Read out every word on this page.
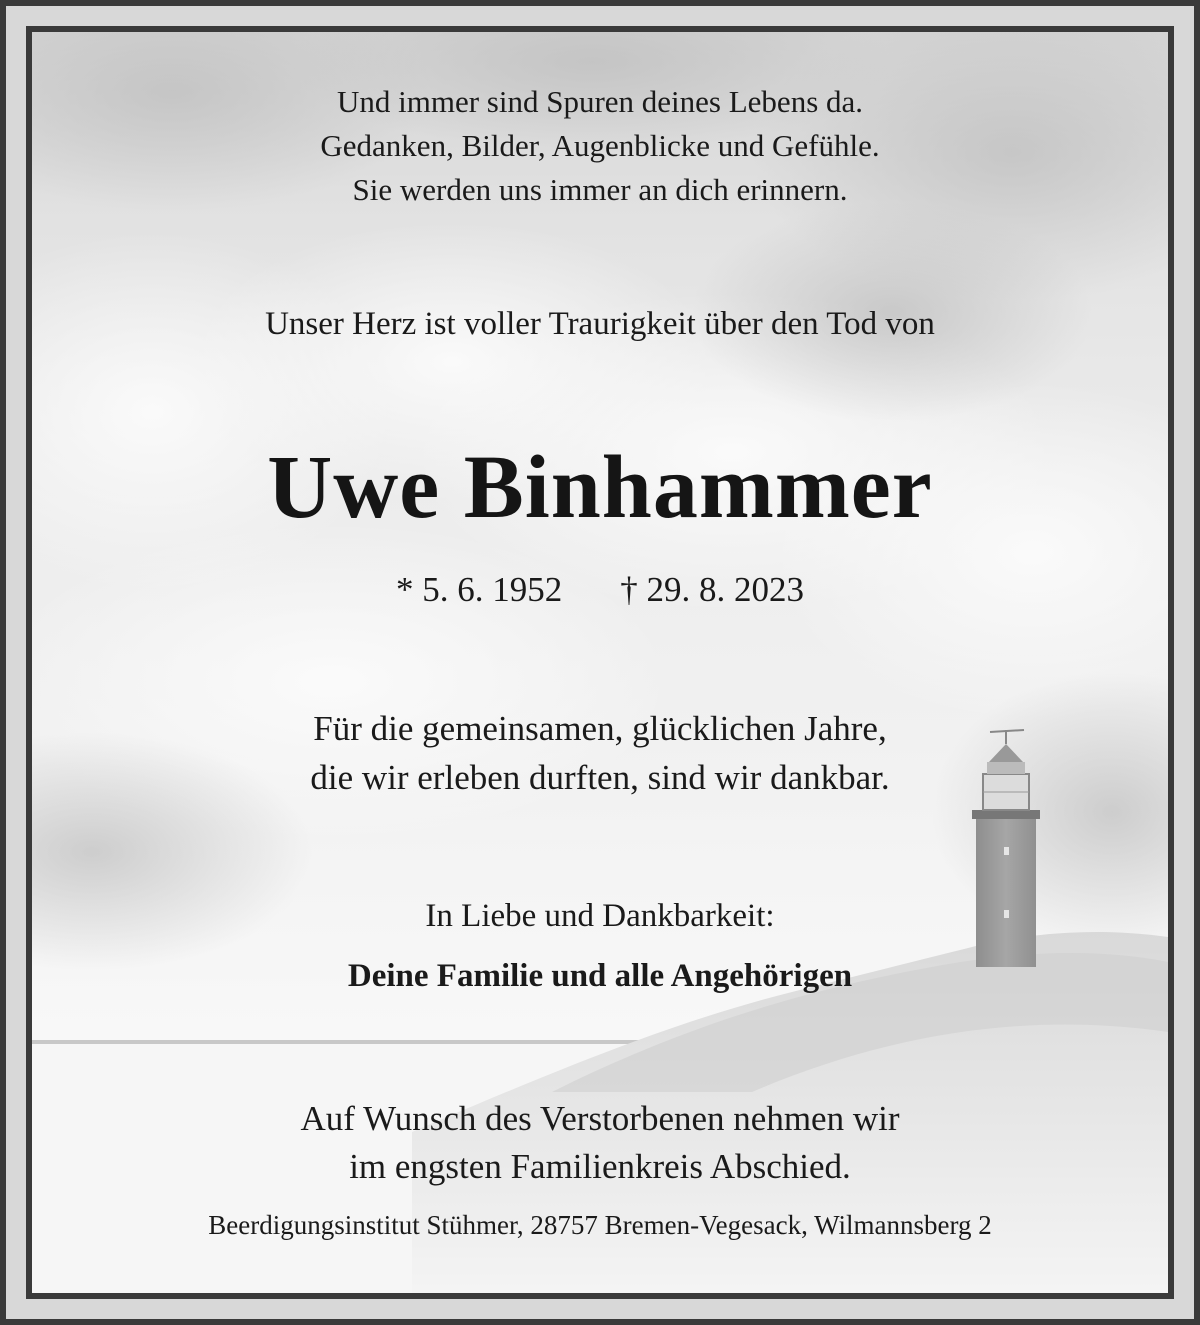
Und immer sind Spuren deines Lebens da.
Gedanken, Bilder, Augenblicke und Gefühle.
Sie werden uns immer an dich erinnern.
Unser Herz ist voller Traurigkeit über den Tod von
Uwe Binhammer
* 5. 6. 1952 † 29. 8. 2023
Für die gemeinsamen, glücklichen Jahre,
die wir erleben durften, sind wir dankbar.
In Liebe und Dankbarkeit:
Deine Familie und alle Angehörigen
Auf Wunsch des Verstorbenen nehmen wir
im engsten Familienkreis Abschied.
Beerdigungsinstitut Stühmer, 28757 Bremen-Vegesack, Wilmannsberg 2
